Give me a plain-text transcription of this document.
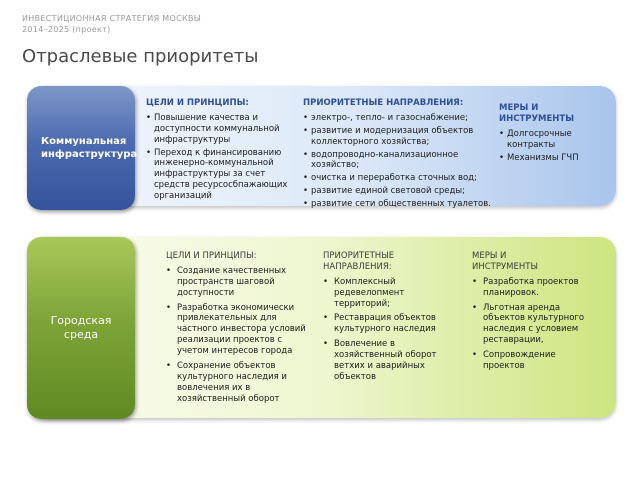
ИНВЕСТИЦИОННАЯ СТРАТЕГИЯ МОСКВЫ
2014–2025 (проект)
Отраслевые приоритеты
Коммунальная инфраструктура
ЦЕЛИ И ПРИНЦИПЫ:
• Повышение качества и доступности коммунальной инфраструктуры
• Переход к финансированию инженерно-коммунальной инфраструктуры за счет средств ресурсосбпажающих организаций
ПРИОРИТЕТНЫЕ НАПРАВЛЕНИЯ:
• электро-, тепло- и газоснабжение;
• развитие и модернизация объектов коллекторного хозяйства;
• водопроводно-канализационное хозяйство;
• очистка и переработка сточных вод;
• развитие единой световой среды;
• развитие сети общественных туалетов.
МЕРЫ И ИНСТРУМЕНТЫ
• Долгосрочные контракты
• Механизмы ГЧП
Городская среда
ЦЕЛИ И ПРИНЦИПЫ:
• Создание качественных пространств шаговой доступности
• Разработка экономически привлекательных для частного инвестора условий реализации проектов с учетом интересов города
• Сохранение объектов культурного наследия и вовлечения их в хозяйственный оборот
ПРИОРИТЕТНЫЕ НАПРАВЛЕНИЯ:
• Комплексный редевелопмент территорий;
• Реставрация объектов культурного наследия
• Вовлечение в хозяйственный оборот ветхих и аварийных объектов
МЕРЫ И ИНСТРУМЕНТЫ
• Разработка проектов планировок.
• Льготная аренда объектов культурного наследия с условием реставрации,
• Сопровождение проектов
